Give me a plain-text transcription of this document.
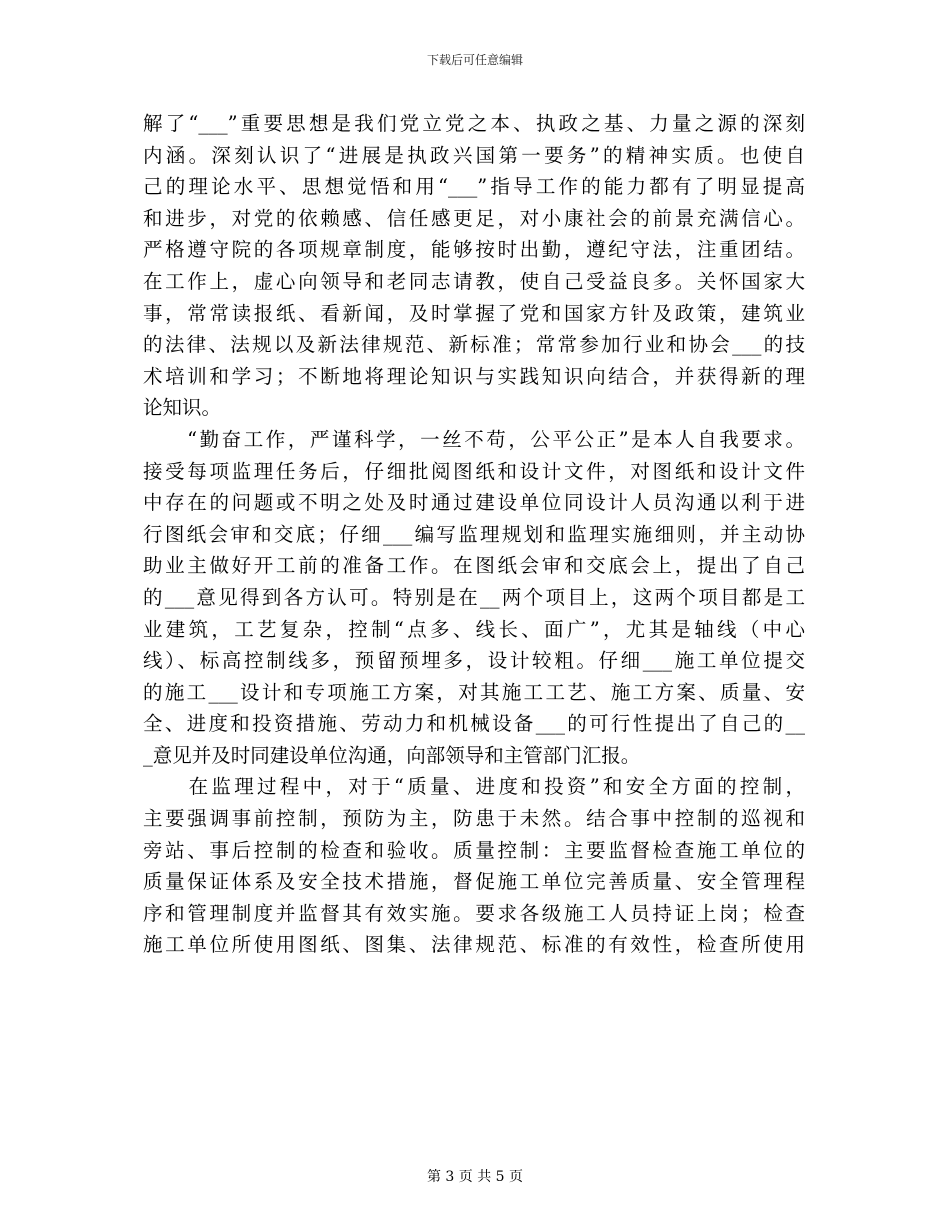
下载后可任意编辑
解了“___”重要思想是我们党立党之本、执政之基、力量之源的深刻
内涵。深刻认识了“进展是执政兴国第一要务”的精神实质。也使自
己的理论水平、思想觉悟和用“___”指导工作的能力都有了明显提高
和进步，对党的依赖感、信任感更足，对小康社会的前景充满信心。
严格遵守院的各项规章制度，能够按时出勤，遵纪守法，注重团结。
在工作上，虚心向领导和老同志请教，使自己受益良多。关怀国家大
事，常常读报纸、看新闻，及时掌握了党和国家方针及政策，建筑业
的法律、法规以及新法律规范、新标准；常常参加行业和协会___的技
术培训和学习；不断地将理论知识与实践知识向结合，并获得新的理
论知识。
　　“勤奋工作，严谨科学，一丝不苟，公平公正”是本人自我要求。
接受每项监理任务后，仔细批阅图纸和设计文件，对图纸和设计文件
中存在的问题或不明之处及时通过建设单位同设计人员沟通以利于进
行图纸会审和交底；仔细___编写监理规划和监理实施细则，并主动协
助业主做好开工前的准备工作。在图纸会审和交底会上，提出了自己
的___意见得到各方认可。特别是在__两个项目上，这两个项目都是工
业建筑，工艺复杂，控制“点多、线长、面广”，尤其是轴线（中心
线）、标高控制线多，预留预埋多，设计较粗。仔细___施工单位提交
的施工___设计和专项施工方案，对其施工工艺、施工方案、质量、安
全、进度和投资措施、劳动力和机械设备___的可行性提出了自己的__
_意见并及时同建设单位沟通，向部领导和主管部门汇报。
　　在监理过程中，对于“质量、进度和投资”和安全方面的控制，
主要强调事前控制，预防为主，防患于未然。结合事中控制的巡视和
旁站、事后控制的检查和验收。质量控制：主要监督检查施工单位的
质量保证体系及安全技术措施，督促施工单位完善质量、安全管理程
序和管理制度并监督其有效实施。要求各级施工人员持证上岗；检查
施工单位所使用图纸、图集、法律规范、标准的有效性，检查所使用
第 3 页 共 5 页
